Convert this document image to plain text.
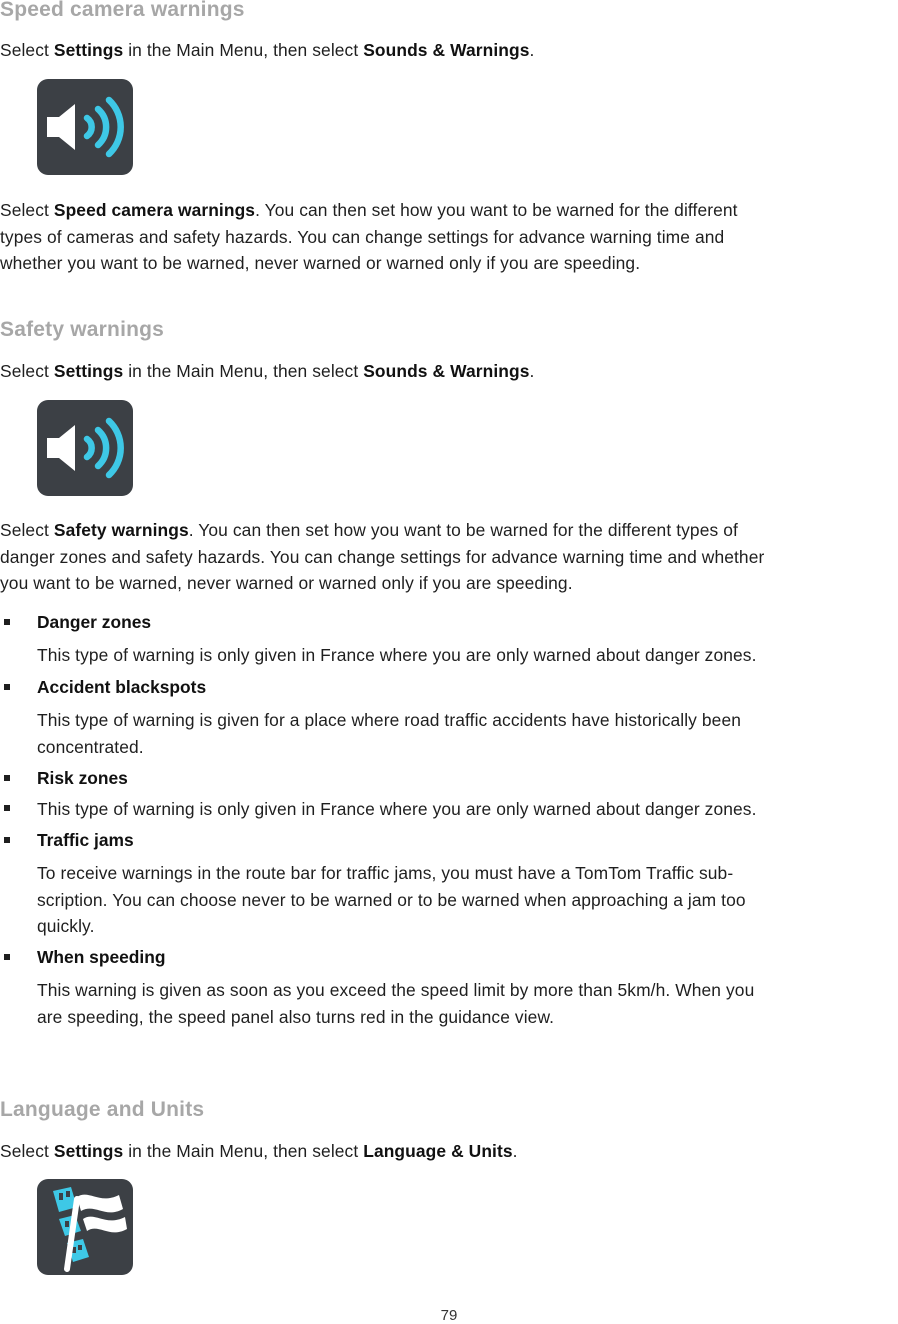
Speed camera warnings
Select Settings in the Main Menu, then select Sounds & Warnings.
Select Speed camera warnings. You can then set how you want to be warned for the different
types of cameras and safety hazards. You can change settings for advance warning time and
whether you want to be warned, never warned or warned only if you are speeding.
Safety warnings
Select Settings in the Main Menu, then select Sounds & Warnings.
Select Safety warnings. You can then set how you want to be warned for the different types of
danger zones and safety hazards. You can change settings for advance warning time and whether
you want to be warned, never warned or warned only if you are speeding.
Danger zones
This type of warning is only given in France where you are only warned about danger zones.
Accident blackspots
This type of warning is given for a place where road traffic accidents have historically been
concentrated.
Risk zones
This type of warning is only given in France where you are only warned about danger zones.
Traffic jams
To receive warnings in the route bar for traffic jams, you must have a TomTom Traffic sub-
scription. You can choose never to be warned or to be warned when approaching a jam too
quickly.
When speeding
This warning is given as soon as you exceed the speed limit by more than 5km/h. When you
are speeding, the speed panel also turns red in the guidance view.
Language and Units
Select Settings in the Main Menu, then select Language & Units.
79
